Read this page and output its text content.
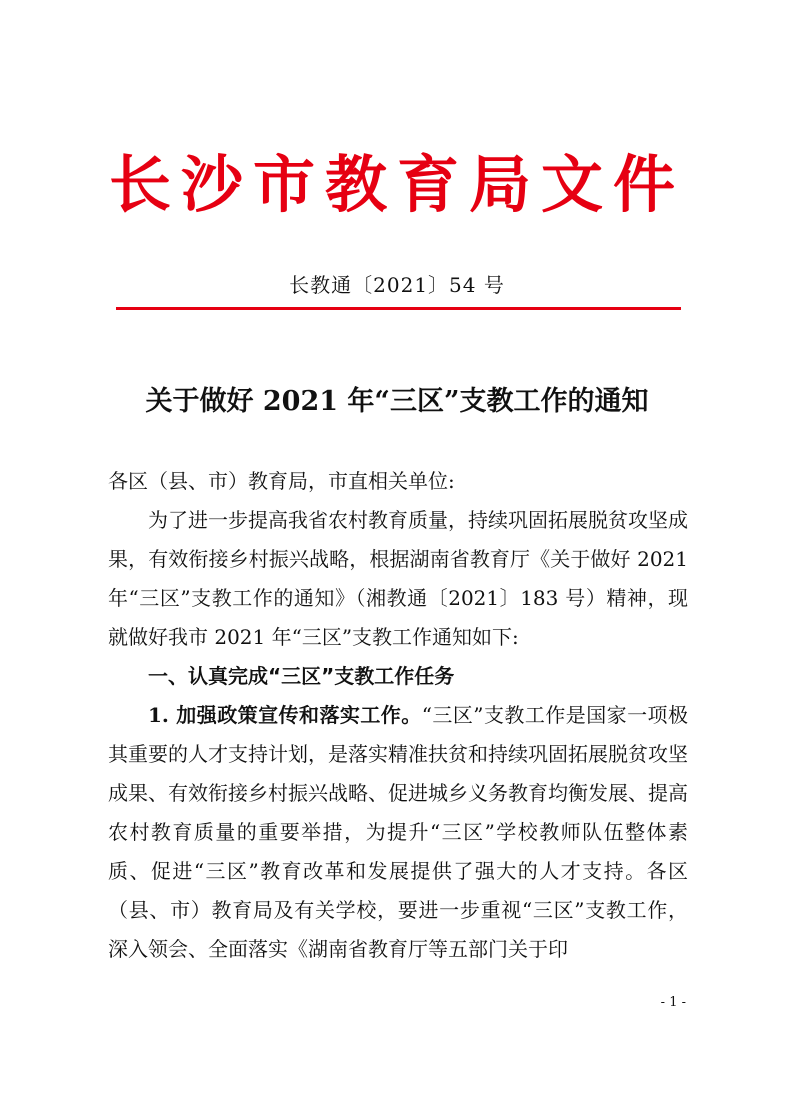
长沙市教育局文件
长教通〔2021〕54 号
关于做好 2021 年“三区”支教工作的通知

各区（县、市）教育局，市直相关单位:

为了进一步提高我省农村教育质量，持续巩固拓展脱贫攻坚成果，有效衔接乡村振兴战略，根据湖南省教育厅《关于做好 2021 年“三区”支教工作的通知》（湘教通〔2021〕183 号）精神，现就做好我市 2021 年“三区”支教工作通知如下:

一、认真完成“三区”支教工作任务

1. 加强政策宣传和落实工作。“三区”支教工作是国家一项极其重要的人才支持计划，是落实精准扶贫和持续巩固拓展脱贫攻坚成果、有效衔接乡村振兴战略、促进城乡义务教育均衡发展、提高农村教育质量的重要举措，为提升“三区”学校教师队伍整体素质、促进“三区”教育改革和发展提供了强大的人才支持。各区（县、市）教育局及有关学校，要进一步重视“三区”支教工作，深入领会、全面落实《湖南省教育厅等五部门关于印

- 1 -
